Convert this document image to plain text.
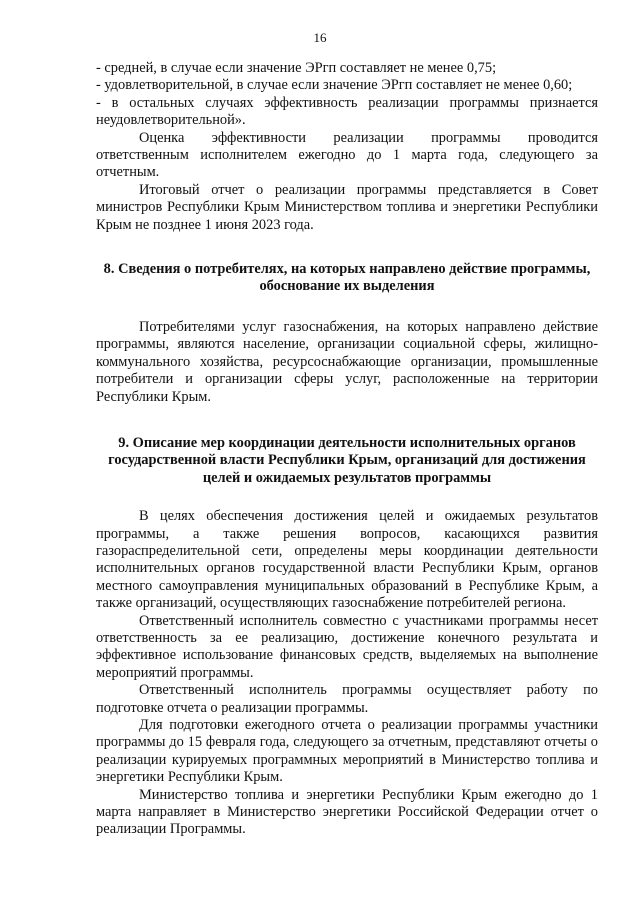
16

- средней, в случае если значение ЭРгп составляет не менее 0,75;

- удовлетворительной, в случае если значение ЭРгп составляет не менее 0,60;

- в остальных случаях эффективность реализации программы признается неудовлетворительной».

Оценка эффективности реализации программы проводится ответственным исполнителем ежегодно до 1 марта года, следующего за отчетным.

Итоговый отчет о реализации программы представляется в Совет министров Республики Крым Министерством топлива и энергетики Республики Крым не позднее 1 июня 2023 года.

8. Сведения о потребителях, на которых направлено действие программы, обоснование их выделения

Потребителями услуг газоснабжения, на которых направлено действие программы, являются население, организации социальной сферы, жилищно-коммунального хозяйства, ресурсоснабжающие организации, промышленные потребители и организации сферы услуг, расположенные на территории Республики Крым.

9. Описание мер координации деятельности исполнительных органов государственной власти Республики Крым, организаций для достижения целей и ожидаемых результатов программы

В целях обеспечения достижения целей и ожидаемых результатов программы, а также решения вопросов, касающихся развития газораспределительной сети, определены меры координации деятельности исполнительных органов государственной власти Республики Крым, органов местного самоуправления муниципальных образований в Республике Крым, а также организаций, осуществляющих газоснабжение потребителей региона.

Ответственный исполнитель совместно с участниками программы несет ответственность за ее реализацию, достижение конечного результата и эффективное использование финансовых средств, выделяемых на выполнение мероприятий программы.

Ответственный исполнитель программы осуществляет работу по подготовке отчета о реализации программы.

Для подготовки ежегодного отчета о реализации программы участники программы до 15 февраля года, следующего за отчетным, представляют отчеты о реализации курируемых программных мероприятий в Министерство топлива и энергетики Республики Крым.

Министерство топлива и энергетики Республики Крым ежегодно до 1 марта направляет в Министерство энергетики Российской Федерации отчет о реализации Программы.
